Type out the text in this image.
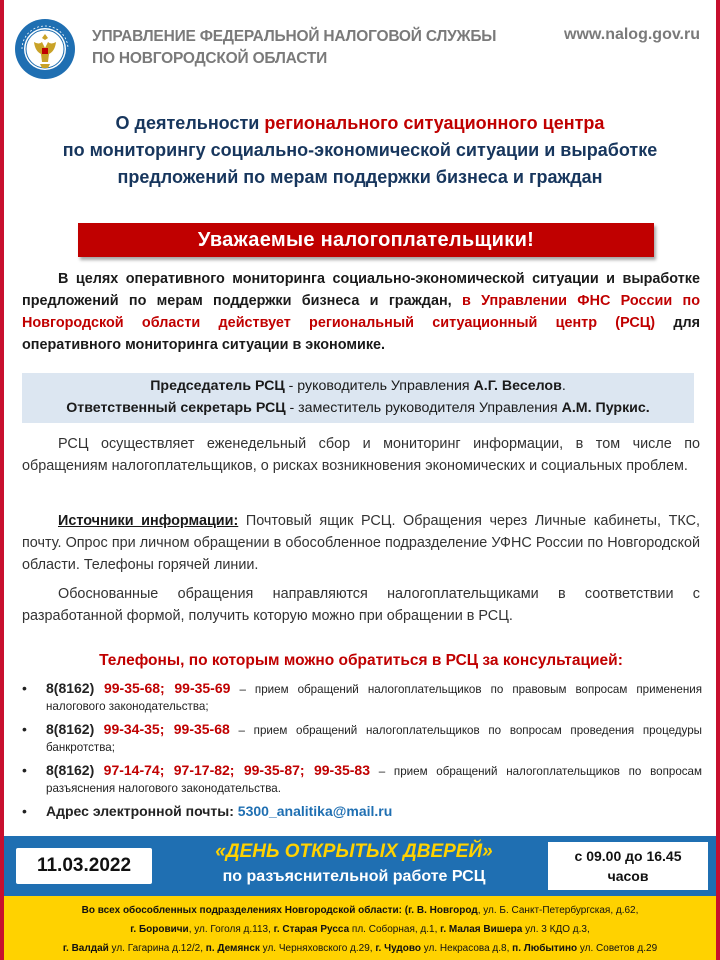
УПРАВЛЕНИЕ ФЕДЕРАЛЬНОЙ НАЛОГОВОЙ СЛУЖБЫ
ПО НОВГОРОДСКОЙ ОБЛАСТИ
www.nalog.gov.ru
О деятельности регионального ситуационного центра
по мониторингу социально-экономической ситуации и выработке
предложений по мерам поддержки бизнеса и граждан
Уважаемые налогоплательщики!
В целях оперативного мониторинга социально-экономической ситуации и выработке предложений по мерам поддержки бизнеса и граждан, в Управлении ФНС России по Новгородской области действует региональный ситуационный центр (РСЦ) для оперативного мониторинга ситуации в экономике.
Председатель РСЦ - руководитель Управления А.Г. Веселов.
Ответственный секретарь РСЦ - заместитель руководителя Управления А.М. Пуркис.
РСЦ осуществляет еженедельный сбор и мониторинг информации, в том числе по обращениям налогоплательщиков, о рисках возникновения экономических и социальных проблем.
Источники информации: Почтовый ящик РСЦ. Обращения через Личные кабинеты, ТКС, почту. Опрос при личном обращении в обособленное подразделение УФНС России по Новгородской области. Телефоны горячей линии.
Обоснованные обращения направляются налогоплательщиками в соответствии с разработанной формой, получить которую можно при обращении в РСЦ.
Телефоны, по которым можно обратиться в РСЦ за консультацией:
• 8(8162) 99-35-68; 99-35-69 – прием обращений налогоплательщиков по правовым вопросам применения налогового законодательства;
• 8(8162) 99-34-35; 99-35-68 – прием обращений налогоплательщиков по вопросам проведения процедуры банкротства;
• 8(8162) 97-14-74; 97-17-82; 99-35-87; 99-35-83 – прием обращений налогоплательщиков по вопросам разъяснения налогового законодательства.
• Адрес электронной почты: 5300_analitika@mail.ru
11.03.2022
«ДЕНЬ ОТКРЫТЫХ ДВЕРЕЙ»
по разъяснительной работе РСЦ
с 09.00 до 16.45
часов
Во всех обособленных подразделениях Новгородской области: (г. В. Новгород, ул. Б. Санкт-Петербургская, д.62,
г. Боровичи, ул. Гоголя д.113, г. Старая Русса пл. Соборная, д.1, г. Малая Вишера ул. 3 КДО д.3,
г. Валдай ул. Гагарина д.12/2, п. Демянск ул. Черняховского д.29, г. Чудово ул. Некрасова д.8, п. Любытино ул. Советов д.29
